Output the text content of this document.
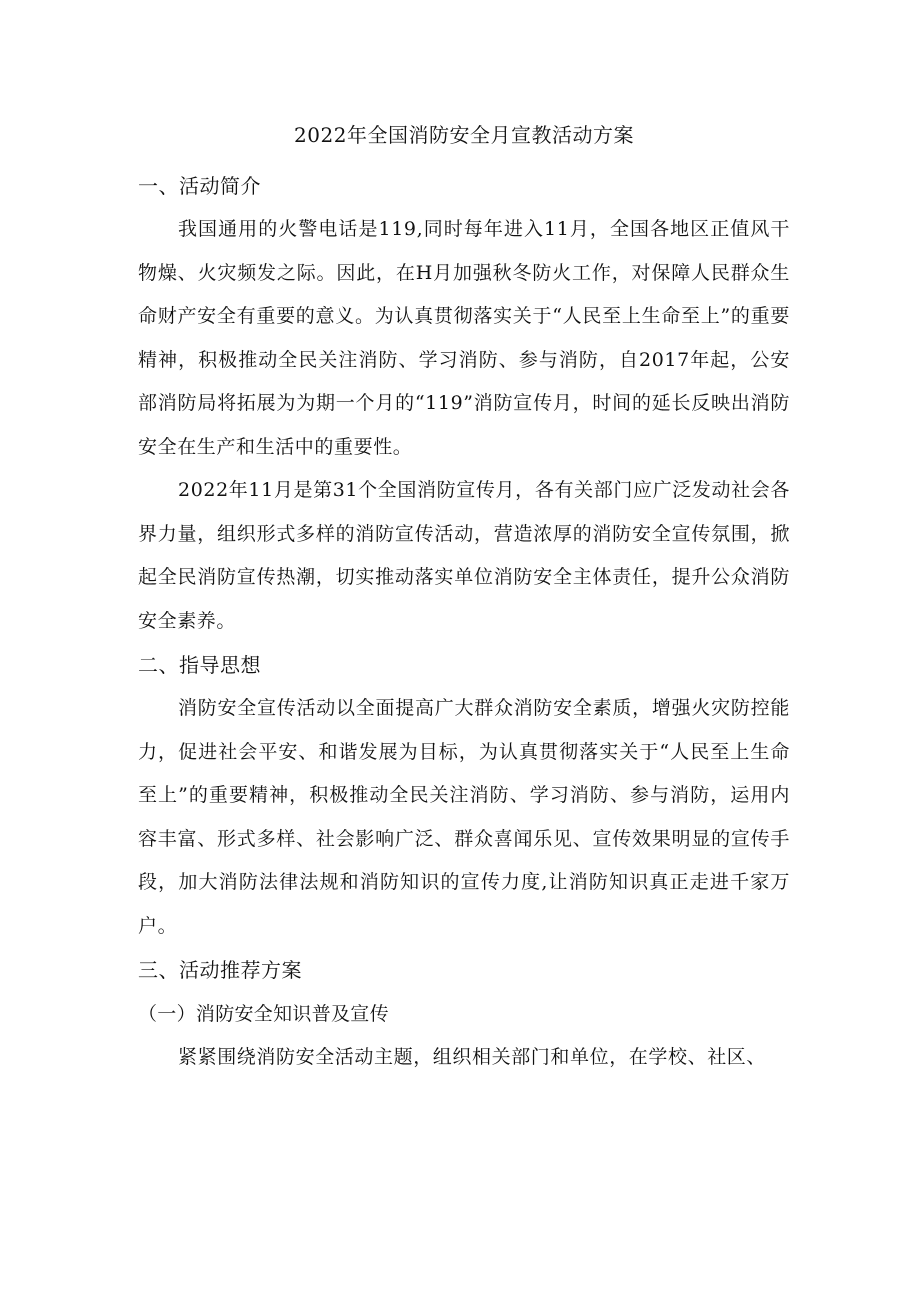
2022年全国消防安全月宣教活动方案
一、活动简介

我国通用的火警电话是119,同时每年进入11月，全国各地区正值风干物燥、火灾频发之际。因此，在H月加强秋冬防火工作，对保障人民群众生命财产安全有重要的意义。为认真贯彻落实关于“人民至上生命至上”的重要精神，积极推动全民关注消防、学习消防、参与消防，自2017年起，公安部消防局将拓展为为期一个月的“119”消防宣传月，时间的延长反映出消防安全在生产和生活中的重要性。

2022年11月是第31个全国消防宣传月，各有关部门应广泛发动社会各界力量，组织形式多样的消防宣传活动，营造浓厚的消防安全宣传氛围，掀起全民消防宣传热潮，切实推动落实单位消防安全主体责任，提升公众消防安全素养。

二、指导思想

消防安全宣传活动以全面提高广大群众消防安全素质，增强火灾防控能力，促进社会平安、和谐发展为目标，为认真贯彻落实关于“人民至上生命至上”的重要精神，积极推动全民关注消防、学习消防、参与消防，运用内容丰富、形式多样、社会影响广泛、群众喜闻乐见、宣传效果明显的宣传手段，加大消防法律法规和消防知识的宣传力度,让消防知识真正走进千家万户。

三、活动推荐方案
（一）消防安全知识普及宣传

紧紧围绕消防安全活动主题，组织相关部门和单位，在学校、社区、
